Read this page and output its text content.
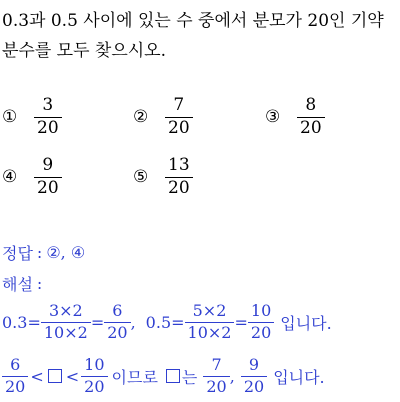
0.3과 0.5 사이에 있는 수 중에서 분모가 20인 기약
분수를 모두 찾으시오.
① $\frac{3}{20}$	② $\frac{7}{20}$	③ $\frac{8}{20}$
④ $\frac{9}{20}$	⑤ $\frac{13}{20}$
정답 : ②, ④
해설 :
$0.3 = \frac{3\times 2}{10\times 2} = \frac{6}{20}$ , $0.5 = \frac{5\times 2}{10\times 2} = \frac{10}{20}$ 입니다.
$\frac{6}{20}$ < < $\frac{10}{20}$ 이므로 는 $\frac{7}{20}$ , $\frac{9}{20}$ 입니다.
